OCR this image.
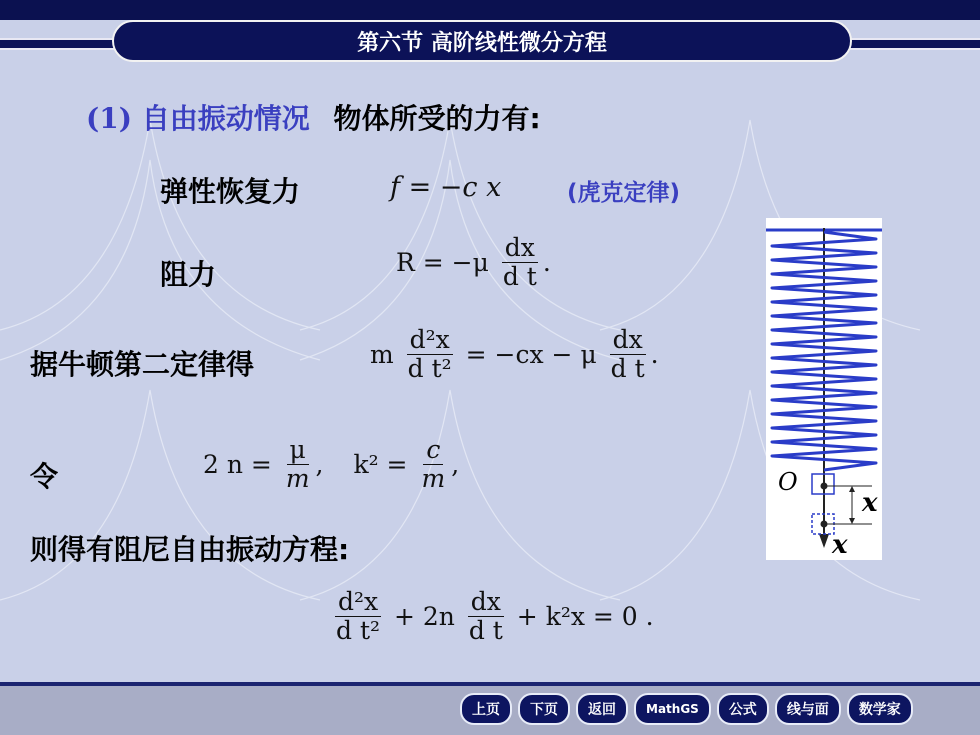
第六节 高阶线性微分方程
(1) 自由振动情况 物体所受的力有:
弹性恢复力	f = −c x	(虎克定律)
阻力	$R = -\mu \frac{dx}{\text{d t}}$ .
据牛顿第二定律得	m $\frac{\text{d²x}}{\text{d t²}} = -cx - \mu \frac{dx}{\text{d t}}$ .
令	2 $n = \frac{\mu}{m}$ , $k^2 = \frac{c}{m}$ ,
则得有阻尼自由振动方程:
$\frac{\text{d²x}}{\text{d t²}} + 2n \frac{dx}{\text{d t}} + k^2x = 0$ .
O
x
x
上页	下页	返回	MathGS	公式	线与面	数学家
